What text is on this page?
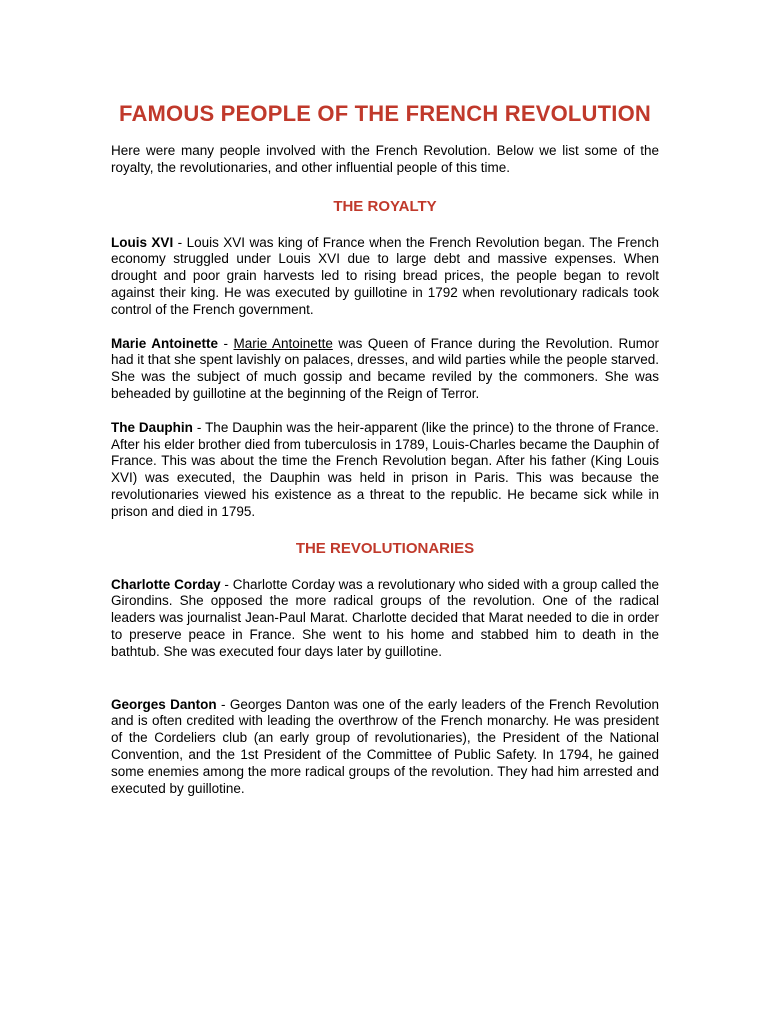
FAMOUS PEOPLE OF THE FRENCH REVOLUTION

Here were many people involved with the French Revolution. Below we list some of the royalty, the revolutionaries, and other influential people of this time.

THE ROYALTY

Louis XVI - Louis XVI was king of France when the French Revolution began. The French economy struggled under Louis XVI due to large debt and massive expenses. When drought and poor grain harvests led to rising bread prices, the people began to revolt against their king. He was executed by guillotine in 1792 when revolutionary radicals took control of the French government.

Marie Antoinette - Marie Antoinette was Queen of France during the Revolution. Rumor had it that she spent lavishly on palaces, dresses, and wild parties while the people starved. She was the subject of much gossip and became reviled by the commoners. She was beheaded by guillotine at the beginning of the Reign of Terror.

The Dauphin - The Dauphin was the heir-apparent (like the prince) to the throne of France. After his elder brother died from tuberculosis in 1789, Louis-Charles became the Dauphin of France. This was about the time the French Revolution began. After his father (King Louis XVI) was executed, the Dauphin was held in prison in Paris. This was because the revolutionaries viewed his existence as a threat to the republic. He became sick while in prison and died in 1795.

THE REVOLUTIONARIES

Charlotte Corday - Charlotte Corday was a revolutionary who sided with a group called the Girondins. She opposed the more radical groups of the revolution. One of the radical leaders was journalist Jean-Paul Marat. Charlotte decided that Marat needed to die in order to preserve peace in France. She went to his home and stabbed him to death in the bathtub. She was executed four days later by guillotine.

Georges Danton - Georges Danton was one of the early leaders of the French Revolution and is often credited with leading the overthrow of the French monarchy. He was president of the Cordeliers club (an early group of revolutionaries), the President of the National Convention, and the 1st President of the Committee of Public Safety. In 1794, he gained some enemies among the more radical groups of the revolution. They had him arrested and executed by guillotine.
